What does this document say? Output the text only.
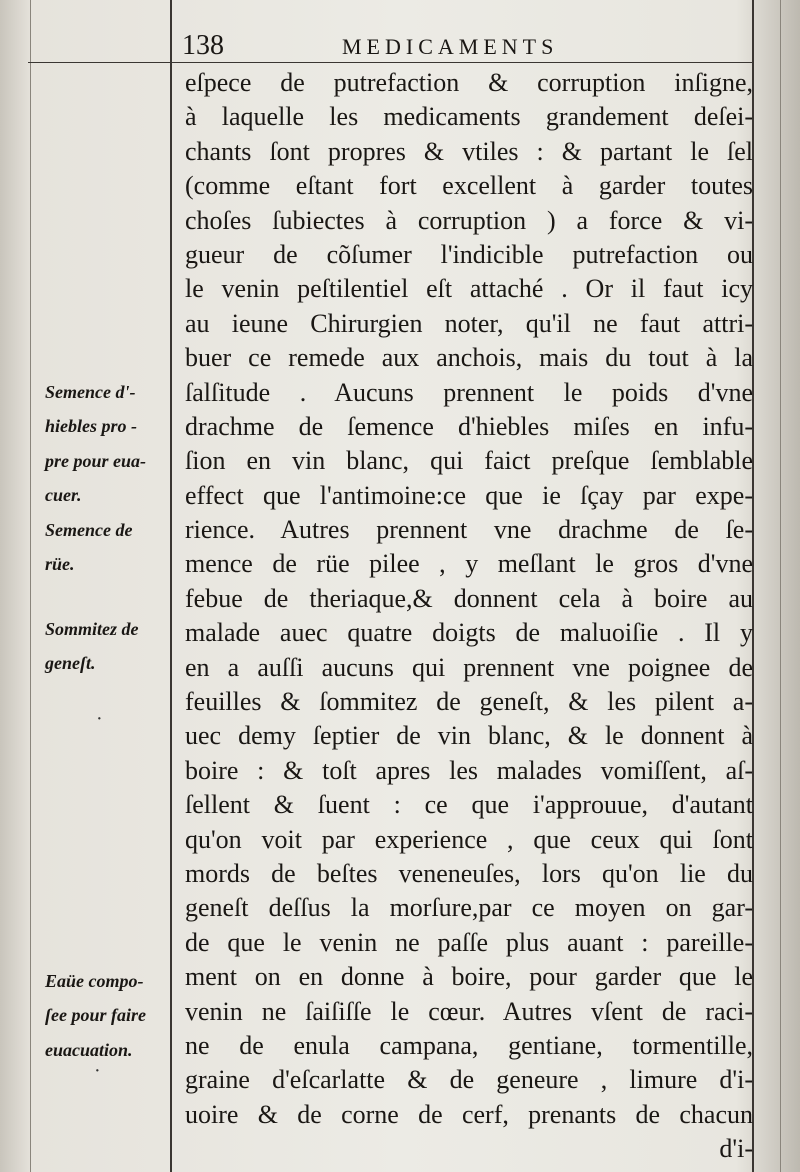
138	MEDICAMENTS
eſpece de putrefaction & corruption inſigne,
à laquelle les medicaments grandement deſei-
chants ſont propres & vtiles : & partant le ſel
(comme eſtant fort excellent à garder toutes
choſes ſubiectes à corruption ) a force & vi-
gueur de cõſumer l'indicible putrefaction ou
le venin peſtilentiel eſt attaché . Or il faut icy
au ieune Chirurgien noter, qu'il ne faut attri-
buer ce remede aux anchois, mais du tout à la
ſalſitude . Aucuns prennent le poids d'vne
drachme de ſemence d'hiebles miſes en infu-
ſion en vin blanc, qui faict preſque ſemblable
effect que l'antimoine:ce que ie ſçay par expe-
rience. Autres prennent vne drachme de ſe-
mence de rüe pilee , y meſlant le gros d'vne
febue de theriaque,& donnent cela à boire au
malade auec quatre doigts de maluoiſie . Il y
en a auſſi aucuns qui prennent vne poignee de
feuilles & ſommitez de geneſt, & les pilent a-
uec demy ſeptier de vin blanc, & le donnent à
boire : & toſt apres les malades vomiſſent, aſ-
ſellent & ſuent : ce que i'approuue, d'autant
qu'on voit par experience , que ceux qui ſont
mords de beſtes veneneuſes, lors qu'on lie du
geneſt deſſus la morſure,par ce moyen on gar-
de que le venin ne paſſe plus auant : pareille-
ment on en donne à boire, pour garder que le
venin ne ſaiſiſſe le cœur. Autres vſent de raci-
ne de enula campana, gentiane, tormentille,
graine d'eſcarlatte & de geneure , limure d'i-
uoire & de corne de cerf, prenants de chacun
d'i-
Semence d'-
hiebles pro -
pre pour eua-
cuer.
Semence de
rüe.
Sommitez de
geneſt.
Eaüe compo-
ſee pour faire
euacuation.
·
·
